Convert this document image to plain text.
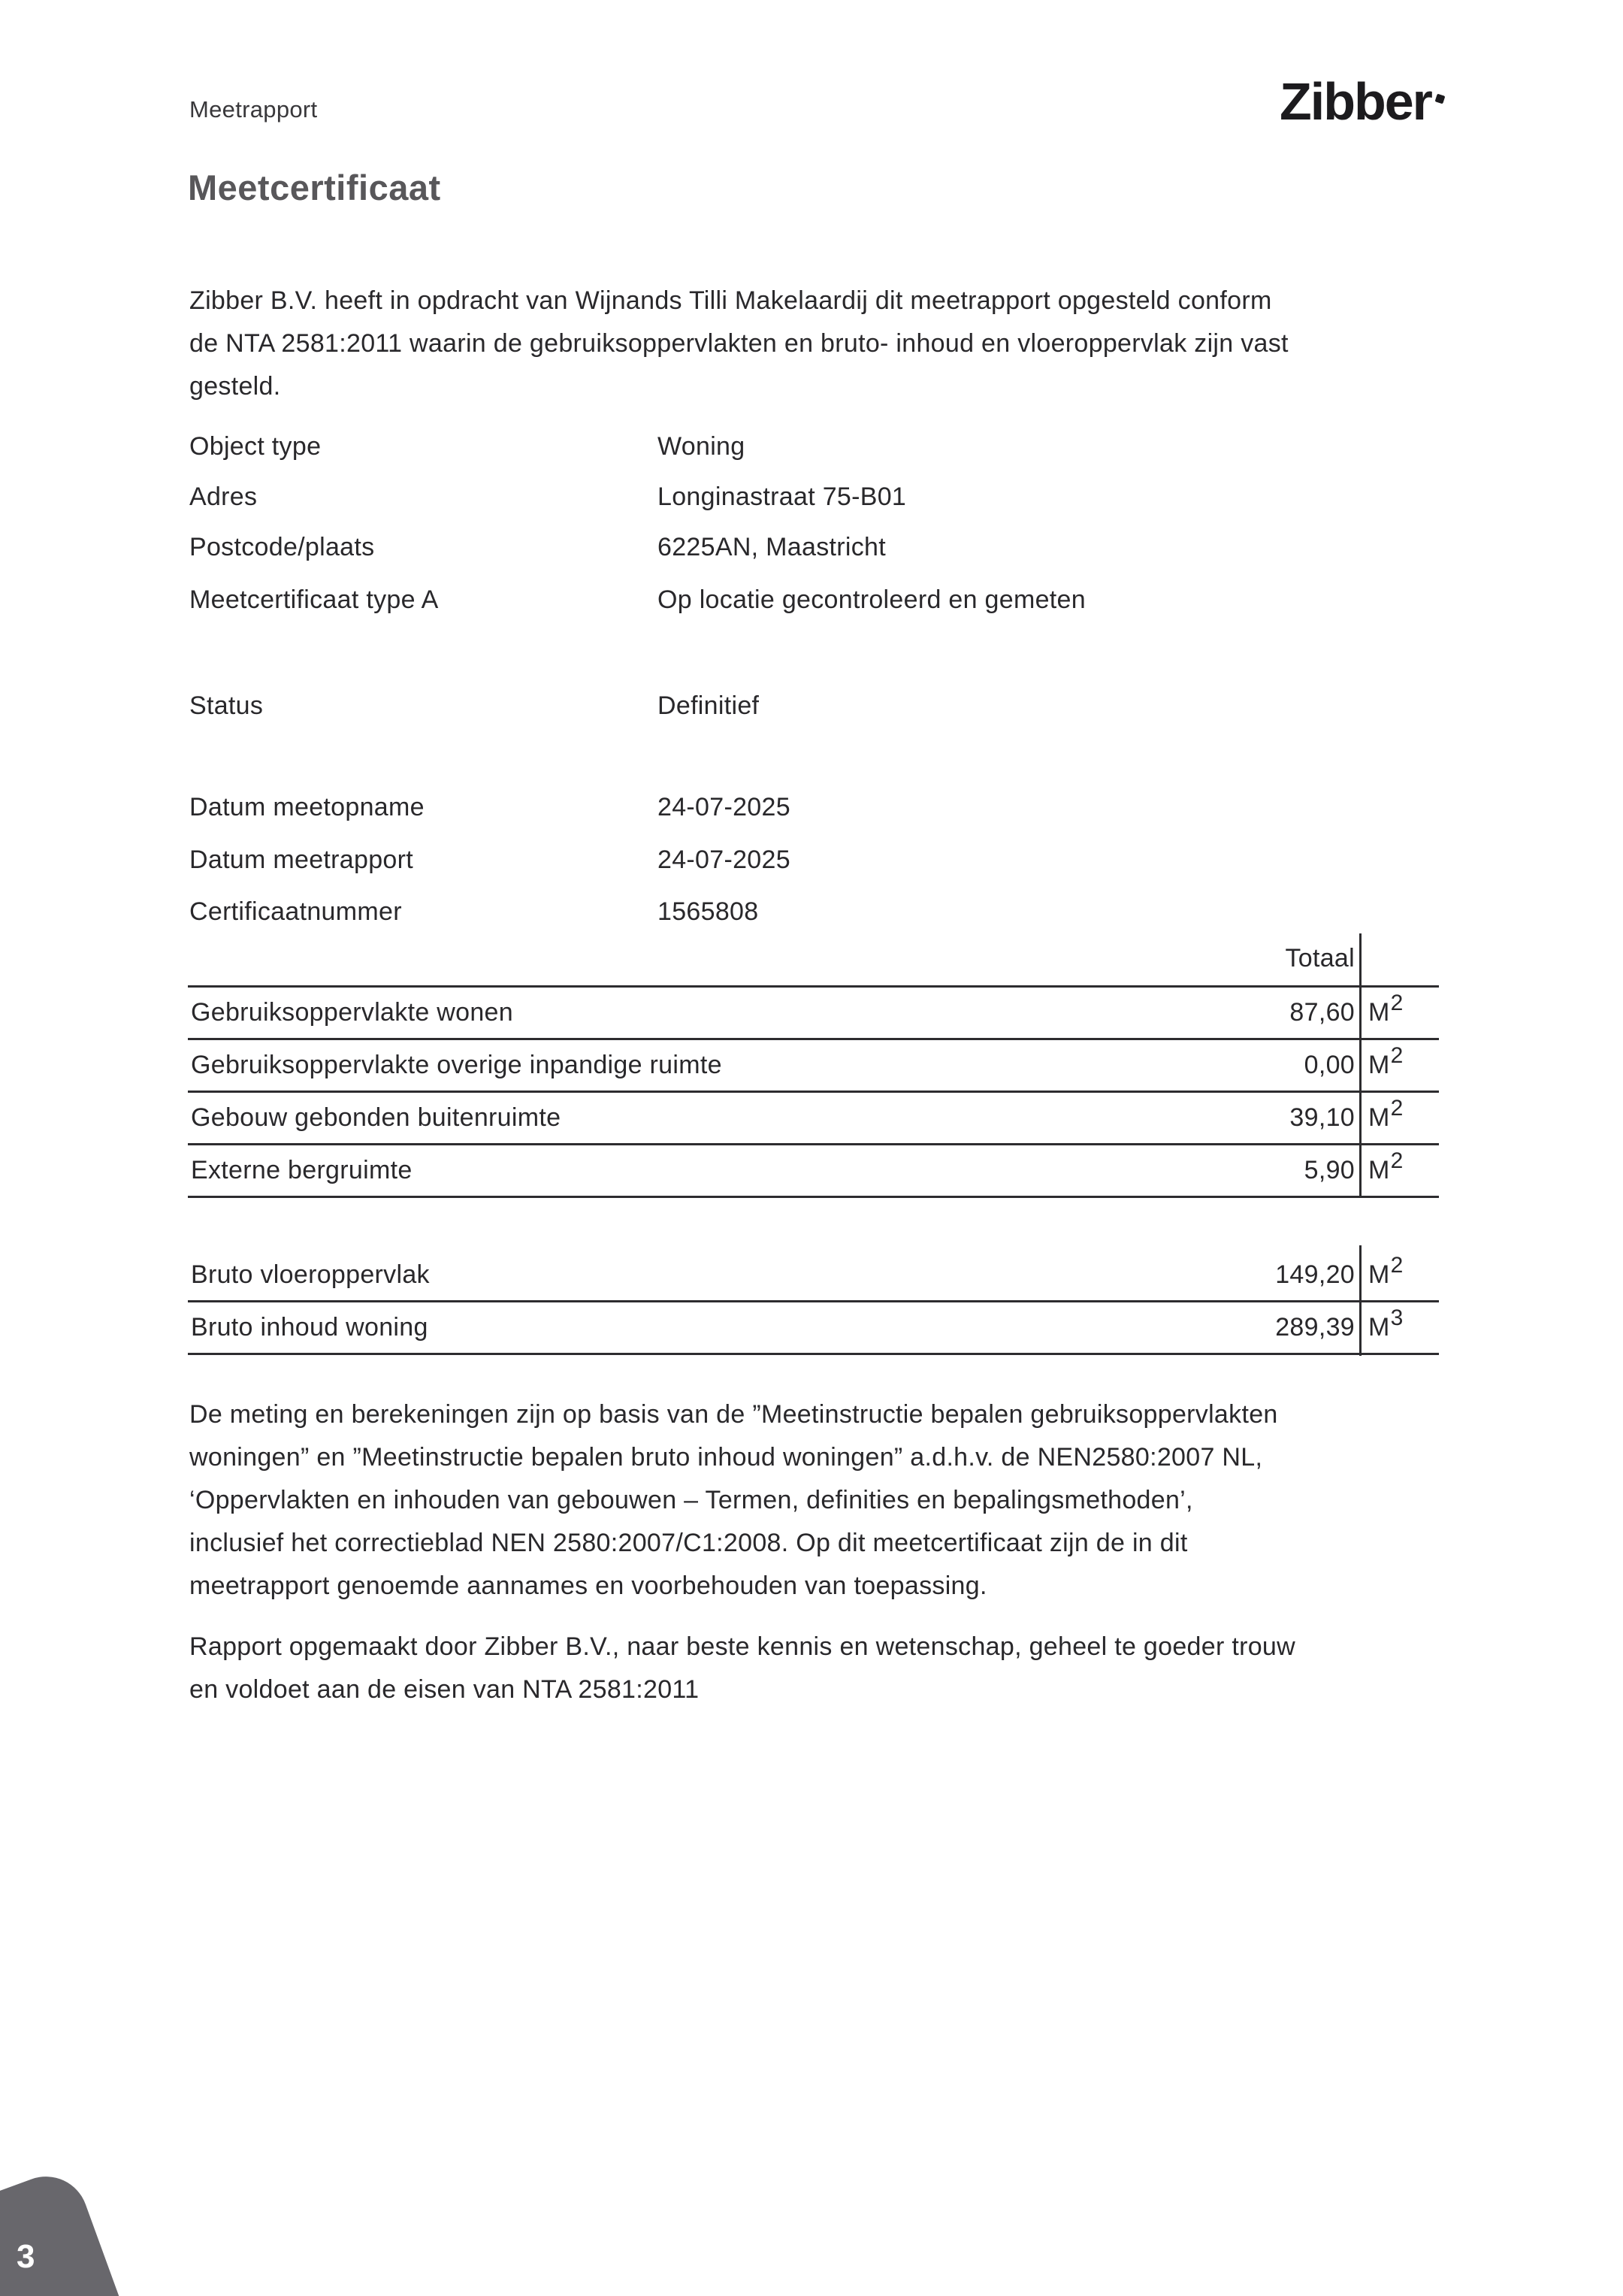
Meetrapport	Zibber
Meetcertificaat
Zibber B.V. heeft in opdracht van Wijnands Tilli Makelaardij dit meetrapport opgesteld conform
de NTA 2581:2011 waarin de gebruiksoppervlakten en bruto- inhoud en vloeroppervlak zijn vast
gesteld.
Object type	Woning
Adres	Longinastraat 75-B01
Postcode/plaats	6225AN, Maastricht
Meetcertificaat type A	Op locatie gecontroleerd en gemeten
Status	Definitief
Datum meetopname	24-07-2025
Datum meetrapport	24-07-2025
Certificaatnummer	1565808
Totaal
Gebruiksoppervlakte wonen	87,60 M2
Gebruiksoppervlakte overige inpandige ruimte	0,00 M2
Gebouw gebonden buitenruimte	39,10 M2
Externe bergruimte	5,90 M2
Bruto vloeroppervlak	149,20 M2
Bruto inhoud woning	289,39 M3
De meting en berekeningen zijn op basis van de ”Meetinstructie bepalen gebruiksoppervlakten
woningen” en ”Meetinstructie bepalen bruto inhoud woningen” a.d.h.v. de NEN2580:2007 NL,
‘Oppervlakten en inhouden van gebouwen – Termen, definities en bepalingsmethoden’,
inclusief het correctieblad NEN 2580:2007/C1:2008. Op dit meetcertificaat zijn de in dit
meetrapport genoemde aannames en voorbehouden van toepassing.
Rapport opgemaakt door Zibber B.V., naar beste kennis en wetenschap, geheel te goeder trouw
en voldoet aan de eisen van NTA 2581:2011
3
